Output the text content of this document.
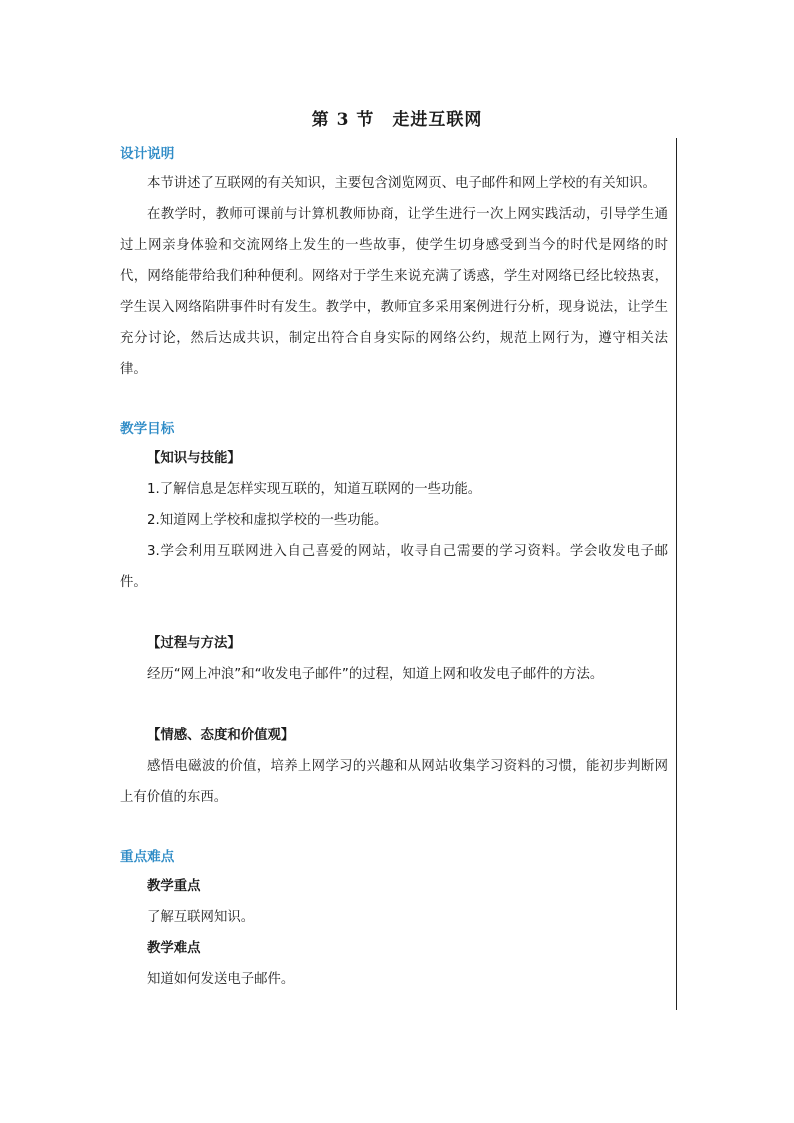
第 3 节　走进互联网
设计说明

本节讲述了互联网的有关知识，主要包含浏览网页、电子邮件和网上学校的有关知识。

在教学时，教师可课前与计算机教师协商，让学生进行一次上网实践活动，引导学生通过上网亲身体验和交流网络上发生的一些故事，使学生切身感受到当今的时代是网络的时代，网络能带给我们种种便利。网络对于学生来说充满了诱惑，学生对网络已经比较热衷，学生误入网络陷阱事件时有发生。教学中，教师宜多采用案例进行分析，现身说法，让学生充分讨论，然后达成共识，制定出符合自身实际的网络公约，规范上网行为，遵守相关法律。

教学目标
【知识与技能】

1.了解信息是怎样实现互联的，知道互联网的一些功能。

2.知道网上学校和虚拟学校的一些功能。

3.学会利用互联网进入自己喜爱的网站，收寻自己需要的学习资料。学会收发电子邮件。

【过程与方法】

经历“网上冲浪”和“收发电子邮件”的过程，知道上网和收发电子邮件的方法。

【情感、态度和价值观】

感悟电磁波的价值，培养上网学习的兴趣和从网站收集学习资料的习惯，能初步判断网上有价值的东西。

重点难点
教学重点

了解互联网知识。

教学难点

知道如何发送电子邮件。
